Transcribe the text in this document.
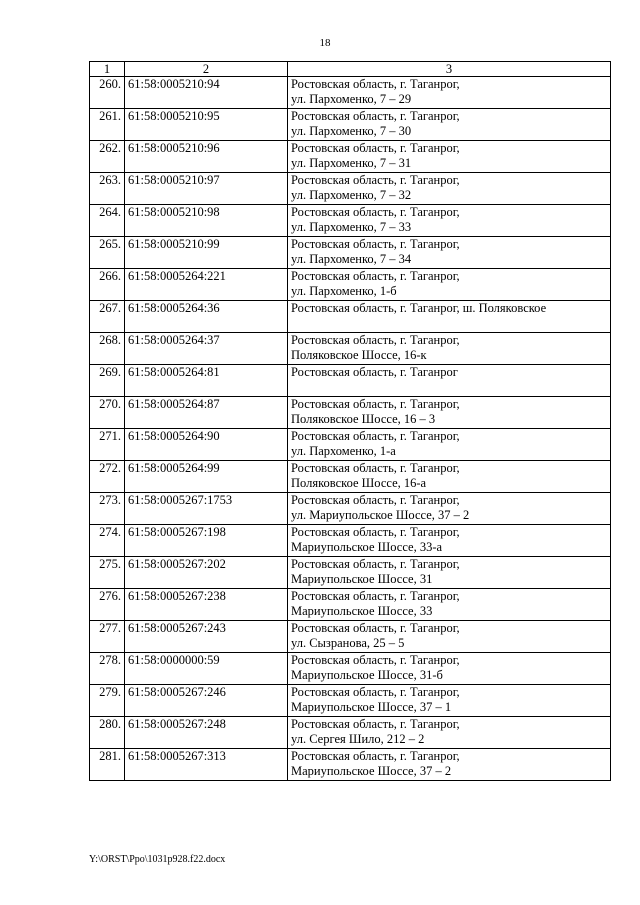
18
1	2	3
260.	61:58:0005210:94	Ростовская область, г. Таганрог,
ул. Пархоменко, 7 – 29

261.	61:58:0005210:95	Ростовская область, г. Таганрог,
ул. Пархоменко, 7 – 30

262.	61:58:0005210:96	Ростовская область, г. Таганрог,
ул. Пархоменко, 7 – 31

263.	61:58:0005210:97	Ростовская область, г. Таганрог,
ул. Пархоменко, 7 – 32

264.	61:58:0005210:98	Ростовская область, г. Таганрог,
ул. Пархоменко, 7 – 33

265.	61:58:0005210:99	Ростовская область, г. Таганрог,
ул. Пархоменко, 7 – 34

266.	61:58:0005264:221	Ростовская область, г. Таганрог,
ул. Пархоменко, 1-б

267.	61:58:0005264:36	Ростовская область, г. Таганрог, ш. Поляковское

268.	61:58:0005264:37	Ростовская область, г. Таганрог,
Поляковское Шоссе, 16-к

269.	61:58:0005264:81	Ростовская область, г. Таганрог

270.	61:58:0005264:87	Ростовская область, г. Таганрог,
Поляковское Шоссе, 16 – 3

271.	61:58:0005264:90	Ростовская область, г. Таганрог,
ул. Пархоменко, 1-а

272.	61:58:0005264:99	Ростовская область, г. Таганрог,
Поляковское Шоссе, 16-а

273.	61:58:0005267:1753	Ростовская область, г. Таганрог,
ул. Мариупольское Шоссе, 37 – 2

274.	61:58:0005267:198	Ростовская область, г. Таганрог,
Мариупольское Шоссе, 33-а

275.	61:58:0005267:202	Ростовская область, г. Таганрог,
Мариупольское Шоссе, 31

276.	61:58:0005267:238	Ростовская область, г. Таганрог,
Мариупольское Шоссе, 33

277.	61:58:0005267:243	Ростовская область, г. Таганрог,
ул. Сызранова, 25 – 5

278.	61:58:0000000:59	Ростовская область, г. Таганрог,
Мариупольское Шоссе, 31-б

279.	61:58:0005267:246	Ростовская область, г. Таганрог,
Мариупольское Шоссе, 37 – 1

280.	61:58:0005267:248	Ростовская область, г. Таганрог,
ул. Сергея Шило, 212 – 2

281.	61:58:0005267:313	Ростовская область, г. Таганрог,
Мариупольское Шоссе, 37 – 2
Y:\ORST\Ppo\1031p928.f22.docx
